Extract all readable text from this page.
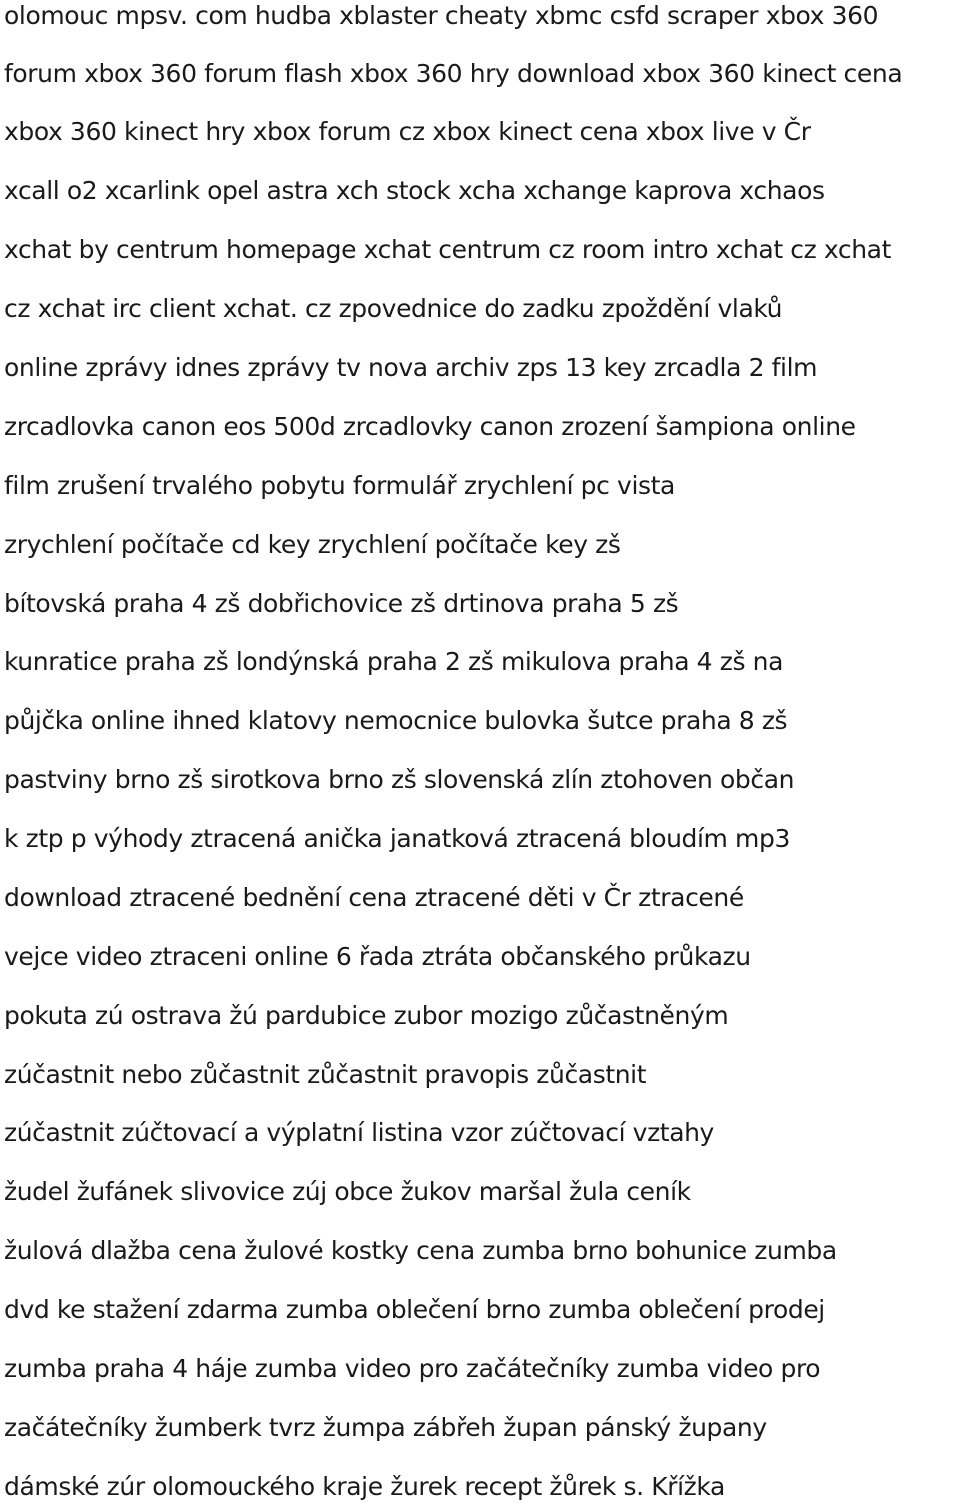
olomouc mpsv. com hudba xblaster cheaty xbmc csfd scraper xbox 360
forum xbox 360 forum flash xbox 360 hry download xbox 360 kinect cena
xbox 360 kinect hry xbox forum cz xbox kinect cena xbox live v Čr
xcall o2 xcarlink opel astra xch stock xcha xchange kaprova xchaos
xchat by centrum homepage xchat centrum cz room intro xchat cz xchat
cz xchat irc client xchat. cz zpovednice do zadku zpoždění vlaků
online zprávy idnes zprávy tv nova archiv zps 13 key zrcadla 2 film
zrcadlovka canon eos 500d zrcadlovky canon zrození šampiona online
film zrušení trvalého pobytu formulář zrychlení pc vista
zrychlení počítače cd key zrychlení počítače key zš
bítovská praha 4 zš dobřichovice zš drtinova praha 5 zš
kunratice praha zš londýnská praha 2 zš mikulova praha 4 zš na
půjčka online ihned klatovy nemocnice bulovka šutce praha 8 zš
pastviny brno zš sirotkova brno zš slovenská zlín ztohoven občan
k ztp p výhody ztracená anička janatková ztracená bloudím mp3
download ztracené bednění cena ztracené děti v Čr ztracené
vejce video ztraceni online 6 řada ztráta občanského průkazu
pokuta zú ostrava žú pardubice zubor mozigo zůčastněným
zúčastnit nebo zůčastnit zůčastnit pravopis zůčastnit
zúčastnit zúčtovací a výplatní listina vzor zúčtovací vztahy
žudel žufánek slivovice zúj obce žukov maršal žula ceník
žulová dlažba cena žulové kostky cena zumba brno bohunice zumba
dvd ke stažení zdarma zumba oblečení brno zumba oblečení prodej
zumba praha 4 háje zumba video pro začátečníky zumba video pro
začátečníky žumberk tvrz žumpa zábřeh župan pánský župany
dámské zúr olomouckého kraje žurek recept žůrek s. Křížka
